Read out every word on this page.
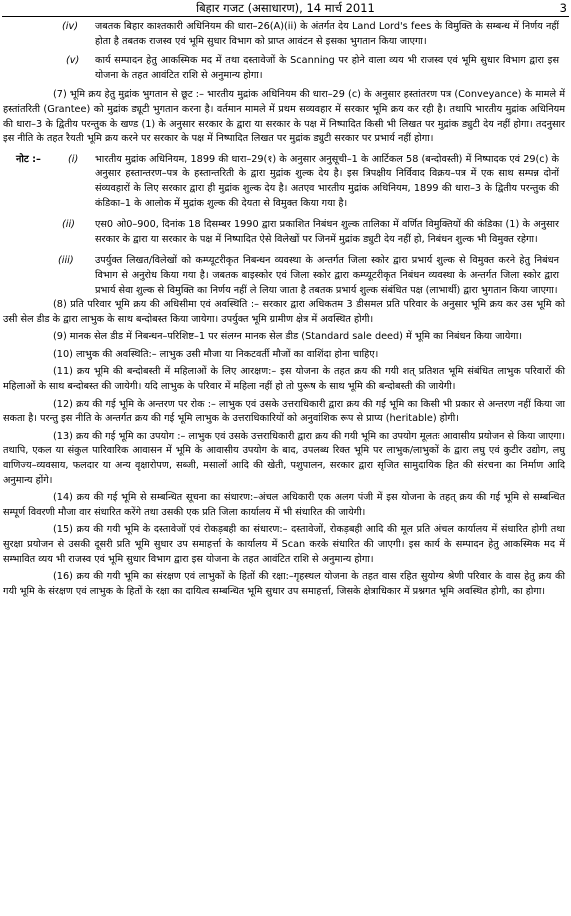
बिहार गजट (असाधारण), 14 मार्च 2011	3
(iv) जबतक बिहार काश्तकारी अधिनियम की धारा–26(A)(ii) के अंतर्गत देय Land Lord's fees के विमुक्ति के सम्बन्ध में निर्णय नहीं होता है तबतक राजस्व एवं भूमि सुधार विभाग को प्राप्त आवंटन से इसका भुगतान किया जाएगा।

(v) कार्य सम्पादन हेतु आकस्मिक मद में तथा दस्तावेजों के Scanning पर होने वाला व्यय भी राजस्व एवं भूमि सुधार विभाग द्वारा इस योजना के तहत आवंटित राशि से अनुमान्य होगा।

(7) भूमि क्रय हेतु मुद्रांक भुगतान से छूट :– भारतीय मुद्रांक अधिनियम की धारा–29 (c) के अनुसार हस्तांतरण पत्र (Conveyance) के मामले में हस्तांतरिती (Grantee) को मुद्रांक ड्यूटी भुगतान करना है। वर्तमान मामले में प्रथम सव्यवहार में सरकार भूमि क्रय कर रही है। तथापि भारतीय मुद्रांक अधिनियम की धारा–3 के द्वितीय परन्तुक के खण्ड (1) के अनुसार सरकार के द्वारा या सरकार के पक्ष में निष्पादित किसी भी लिखत पर मुद्रांक ड्युटी देय नहीं होगा। तदनुसार इस नीति के तहत रैयती भूमि क्रय करने पर सरकार के पक्ष में निष्पादित लिखत पर मुद्रांक ड्युटी सरकार पर प्रभार्य नहीं होगा।

नोट :–	(i) भारतीय मुद्रांक अधिनियम, 1899 की धारा–29(१) के अनुसार अनुसूची–1 के आर्टिकल 58 (बन्दोवस्ती) में निष्पादक एवं 29(c) के अनुसार हस्तान्तरण–पत्र के हस्तान्तरिती के द्वारा मुद्रांक शुल्क देय है। इस त्रिपक्षीय निर्विवाद विक्रय–पत्र में एक साथ सम्पन्न दोनों संव्यवहारों के लिए सरकार द्वारा ही मुद्रांक शुल्क देय है। अतएव भारतीय मुद्रांक अधिनियम, 1899 की धारा–3 के द्वितीय परन्तुक की कंडिका–1 के आलोक में मुद्रांक शुल्क की देयता से विमुक्त किया गया है।

(ii) एस0 ओ0–900, दिनांक 18 दिसम्बर 1990 द्वारा प्रकाशित निबंधन शुल्क तालिका में वर्णित विमुक्तियों की कंडिका (1) के अनुसार सरकार के द्वारा या सरकार के पक्ष में निष्पादित ऐसे विलेखों पर जिनमें मुद्रांक ड्युटी देय नहीं हो, निबंधन शुल्क भी विमुक्त रहेगा।

(iii) उपर्युक्त लिखत/विलेखों को कम्प्यूटरीकृत निबन्धन व्यवस्था के अन्तर्गत जिला स्कोर द्वारा प्रभार्य शुल्क से विमुक्त करने हेतु निबंधन विभाग से अनुरोध किया गया है। जबतक बाइस्कोर एवं जिला स्कोर द्वारा कम्प्यूटरीकृत निबंधन व्यवस्था के अन्तर्गत जिला स्कोर द्वारा प्रभार्य सेवा शुल्क से विमुक्ति का निर्णय नहीं ले लिया जाता है तबतक प्रभार्य शुल्क संबंधित पक्ष (लाभार्थी) द्वारा भुगतान किया जाएगा।

(8) प्रति परिवार भूमि क्रय की अधिसीमा एवं अवस्थिति :– सरकार द्वारा अधिकतम 3 डीसमल प्रति परिवार के अनुसार भूमि क्रय कर उस भूमि को उसी सेल डीड के द्वारा लाभुक के साथ बन्दोबस्त किया जायेगा। उपर्युक्त भूमि ग्रामीण क्षेत्र में अवस्थित होगी।

(9) मानक सेल डीड में निबन्धन–परिशिष्ट–1 पर संलग्न मानक सेल डीड (Standard sale deed) में भूमि का निबंधन किया जायेगा।

(10) लाभुक की अवस्थिति:– लाभुक उसी मौजा या निकटवर्ती मौजों का वाशिंदा होना चाहिए।

(11) क्रय भूमि की बन्दोबस्ती में महिलाओं के लिए आरक्षण:– इस योजना के तहत क्रय की गयी शत् प्रतिशत भूमि संबंधित लाभुक परिवारों की महिलाओं के साथ बन्दोबस्त की जायेगी। यदि लाभुक के परिवार में महिला नहीं हो तो पुरूष के साथ भूमि की बन्दोबस्ती की जायेगी।

(12) क्रय की गई भूमि के अन्तरण पर रोक :– लाभुक एवं उसके उत्तराधिकारी द्वारा क्रय की गई भूमि का किसी भी प्रकार से अन्तरण नहीं किया जा सकता है। परन्तु इस नीति के अन्तर्गत क्रय की गई भूमि लाभुक के उत्तराधिकारियों को अनुवांशिक रूप से प्राप्य (heritable) होगी।

(13) क्रय की गई भूमि का उपयोग :– लाभुक एवं उसके उत्तराधिकारी द्वारा क्रय की गयी भूमि का उपयोग मूलतः आवासीय प्रयोजन से किया जाएगा। तथापि, एकल या संकुल पारिवारिक आवासन में भूमि के आवासीय उपयोग के बाद, उपलब्ध रिक्त भूमि पर लाभुक/लाभुकों के द्वारा लघु एवं कुटीर उद्योग, लघु वाणिज्य–व्यवसाय, फलदार या अन्य वृक्षारोपण, सब्जी, मसालों आदि की खेती, पशुपालन, सरकार द्वारा सृजित सामुदायिक हित की संरचना का निर्माण आदि अनुमान्य होंगे।

(14) क्रय की गई भूमि से सम्बन्धित सूचना का संधारण:–अंचल अधिकारी एक अलग पंजी में इस योजना के तहत् क्रय की गई भूमि से सम्बन्धित सम्पूर्ण विवरणी मौजा वार संधारित करेंगे तथा उसकी एक प्रति जिला कार्यालय में भी संधारित की जायेगी।

(15) क्रय की गयी भूमि के दस्तावेजों एवं रोकड़बही का संधारण:– दस्तावेजों, रोकड़बही आदि की मूल प्रति अंचल कार्यालय में संधारित होगी तथा सुरक्षा प्रयोजन से उसकी दूसरी प्रति भूमि सुधार उप समाहर्त्ता के कार्यालय में Scan करके संधारित की जाएगी। इस कार्य के सम्पादन हेतु आकस्मिक मद में सम्भावित व्यय भी राजस्व एवं भूमि सुधार विभाग द्वारा इस योजना के तहत आवंटित राशि से अनुमान्य होगा।

(16) क्रय की गयी भूमि का संरक्षण एवं लाभुकों के हितों की रक्षा:–गृहस्थल योजना के तहत वास रहित सुयोग्य श्रेणी परिवार के वास हेतु क्रय की गयी भूमि के संरक्षण एवं लाभुक के हितों के रक्षा का दायित्व सम्बन्धित भूमि सुधार उप समाहर्त्ता, जिसके क्षेत्राधिकार में प्रश्नगत भूमि अवस्थित होगी, का होगा।
